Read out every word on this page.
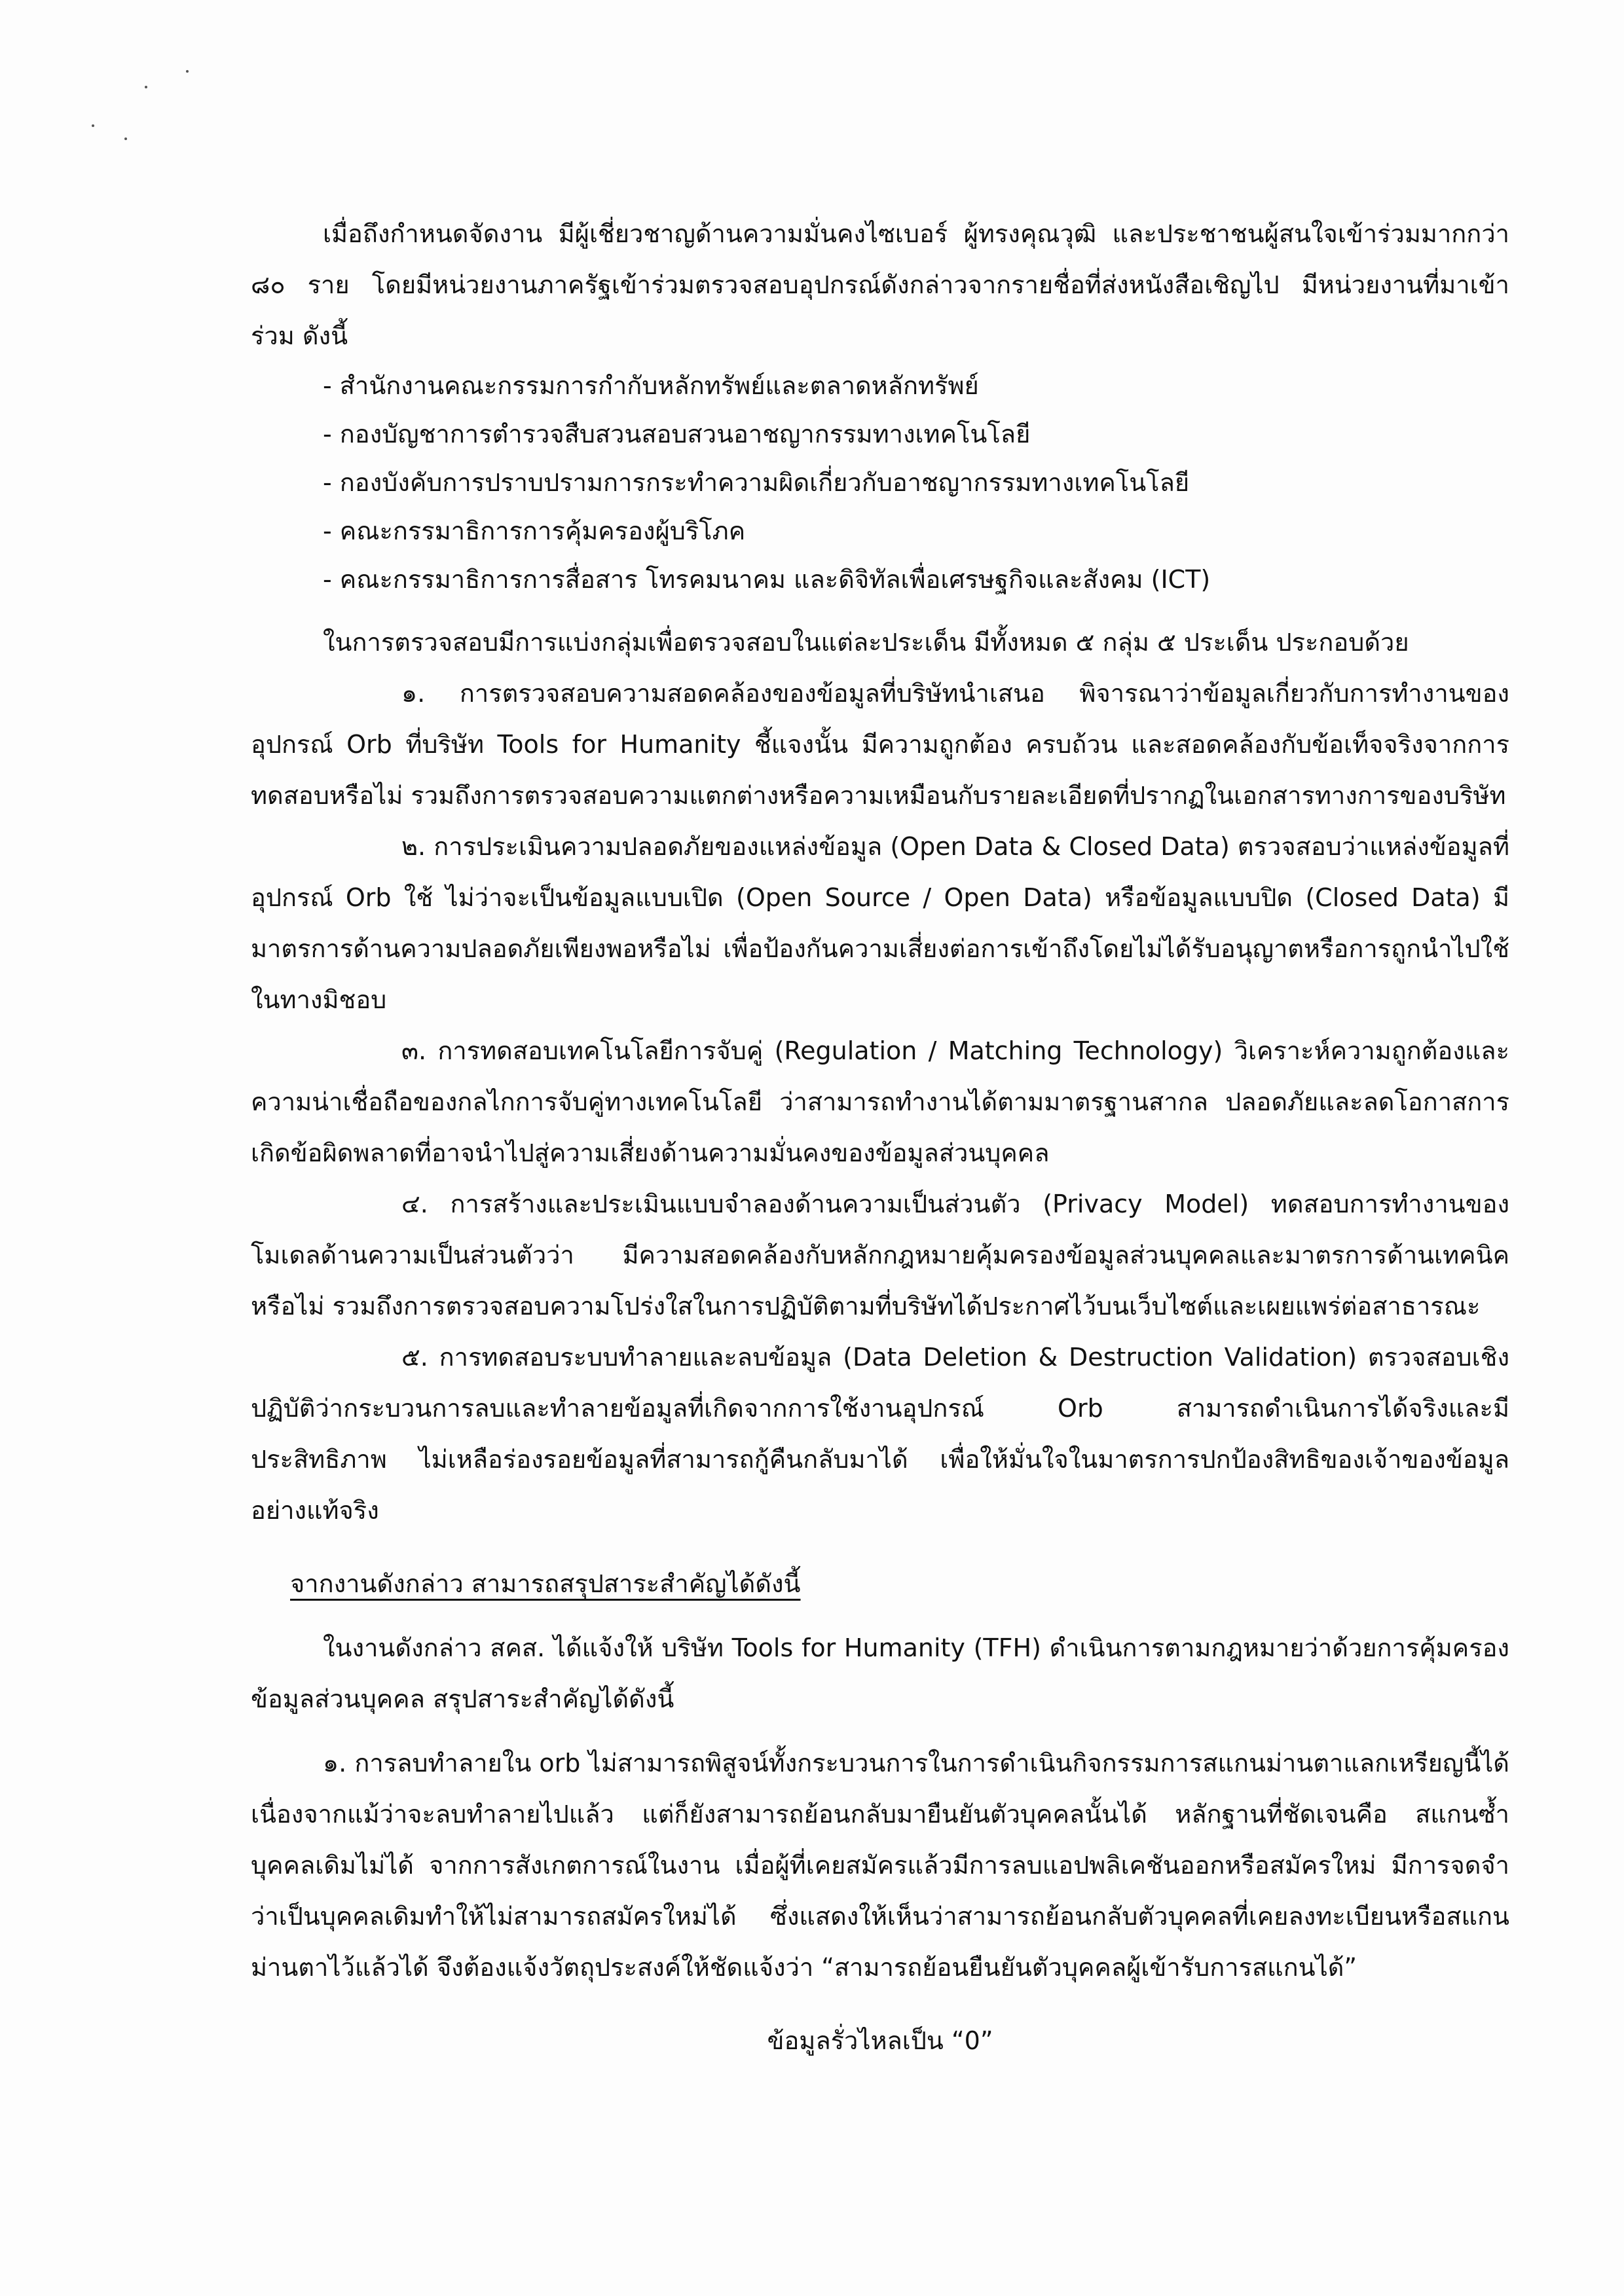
เมื่อถึงกำหนดจัดงาน มีผู้เชี่ยวชาญด้านความมั่นคงไซเบอร์ ผู้ทรงคุณวุฒิ และประชาชนผู้สนใจเข้าร่วมมากกว่า ๘๐ ราย โดยมีหน่วยงานภาครัฐเข้าร่วมตรวจสอบอุปกรณ์ดังกล่าวจากรายชื่อที่ส่งหนังสือเชิญไป มีหน่วยงานที่มาเข้าร่วม ดังนี้

- สำนักงานคณะกรรมการกำกับหลักทรัพย์และตลาดหลักทรัพย์
- กองบัญชาการตำรวจสืบสวนสอบสวนอาชญากรรมทางเทคโนโลยี
- กองบังคับการปราบปรามการกระทำความผิดเกี่ยวกับอาชญากรรมทางเทคโนโลยี
- คณะกรรมาธิการการคุ้มครองผู้บริโภค
- คณะกรรมาธิการการสื่อสาร โทรคมนาคม และดิจิทัลเพื่อเศรษฐกิจและสังคม (ICT)

ในการตรวจสอบมีการแบ่งกลุ่มเพื่อตรวจสอบในแต่ละประเด็น มีทั้งหมด ๕ กลุ่ม ๕ ประเด็น ประกอบด้วย

๑. การตรวจสอบความสอดคล้องของข้อมูลที่บริษัทนำเสนอ พิจารณาว่าข้อมูลเกี่ยวกับการทำงานของอุปกรณ์ Orb ที่บริษัท Tools for Humanity ชี้แจงนั้น มีความถูกต้อง ครบถ้วน และสอดคล้องกับข้อเท็จจริงจากการทดสอบหรือไม่ รวมถึงการตรวจสอบความแตกต่างหรือความเหมือนกับรายละเอียดที่ปรากฏในเอกสารทางการของบริษัท

๒. การประเมินความปลอดภัยของแหล่งข้อมูล (Open Data & Closed Data) ตรวจสอบว่าแหล่งข้อมูลที่อุปกรณ์ Orb ใช้ ไม่ว่าจะเป็นข้อมูลแบบเปิด (Open Source / Open Data) หรือข้อมูลแบบปิด (Closed Data) มีมาตรการด้านความปลอดภัยเพียงพอหรือไม่ เพื่อป้องกันความเสี่ยงต่อการเข้าถึงโดยไม่ได้รับอนุญาตหรือการถูกนำไปใช้ในทางมิชอบ

๓. การทดสอบเทคโนโลยีการจับคู่ (Regulation / Matching Technology) วิเคราะห์ความถูกต้องและความน่าเชื่อถือของกลไกการจับคู่ทางเทคโนโลยี ว่าสามารถทำงานได้ตามมาตรฐานสากล ปลอดภัยและลดโอกาสการเกิดข้อผิดพลาดที่อาจนำไปสู่ความเสี่ยงด้านความมั่นคงของข้อมูลส่วนบุคคล

๔. การสร้างและประเมินแบบจำลองด้านความเป็นส่วนตัว (Privacy Model) ทดสอบการทำงานของโมเดลด้านความเป็นส่วนตัวว่า มีความสอดคล้องกับหลักกฎหมายคุ้มครองข้อมูลส่วนบุคคลและมาตรการด้านเทคนิคหรือไม่ รวมถึงการตรวจสอบความโปร่งใสในการปฏิบัติตามที่บริษัทได้ประกาศไว้บนเว็บไซต์และเผยแพร่ต่อสาธารณะ

๕. การทดสอบระบบทำลายและลบข้อมูล (Data Deletion & Destruction Validation) ตรวจสอบเชิงปฏิบัติว่ากระบวนการลบและทำลายข้อมูลที่เกิดจากการใช้งานอุปกรณ์ Orb สามารถดำเนินการได้จริงและมีประสิทธิภาพ ไม่เหลือร่องรอยข้อมูลที่สามารถกู้คืนกลับมาได้ เพื่อให้มั่นใจในมาตรการปกป้องสิทธิของเจ้าของข้อมูลอย่างแท้จริง

จากงานดังกล่าว สามารถสรุปสาระสำคัญได้ดังนี้

ในงานดังกล่าว สคส. ได้แจ้งให้ บริษัท Tools for Humanity (TFH) ดำเนินการตามกฎหมายว่าด้วยการคุ้มครองข้อมูลส่วนบุคคล สรุปสาระสำคัญได้ดังนี้

๑. การลบทำลายใน orb ไม่สามารถพิสูจน์ทั้งกระบวนการในการดำเนินกิจกรรมการสแกนม่านตาแลกเหรียญนี้ได้ เนื่องจากแม้ว่าจะลบทำลายไปแล้ว แต่ก็ยังสามารถย้อนกลับมายืนยันตัวบุคคลนั้นได้ หลักฐานที่ชัดเจนคือ สแกนซ้ำบุคคลเดิมไม่ได้ จากการสังเกตการณ์ในงาน เมื่อผู้ที่เคยสมัครแล้วมีการลบแอปพลิเคชันออกหรือสมัครใหม่ มีการจดจำว่าเป็นบุคคลเดิมทำให้ไม่สามารถสมัครใหม่ได้ ซึ่งแสดงให้เห็นว่าสามารถย้อนกลับตัวบุคคลที่เคยลงทะเบียนหรือสแกนม่านตาไว้แล้วได้ จึงต้องแจ้งวัตถุประสงค์ให้ชัดแจ้งว่า “สามารถย้อนยืนยันตัวบุคคลผู้เข้ารับการสแกนได้”

ข้อมูลรั่วไหลเป็น “0”
